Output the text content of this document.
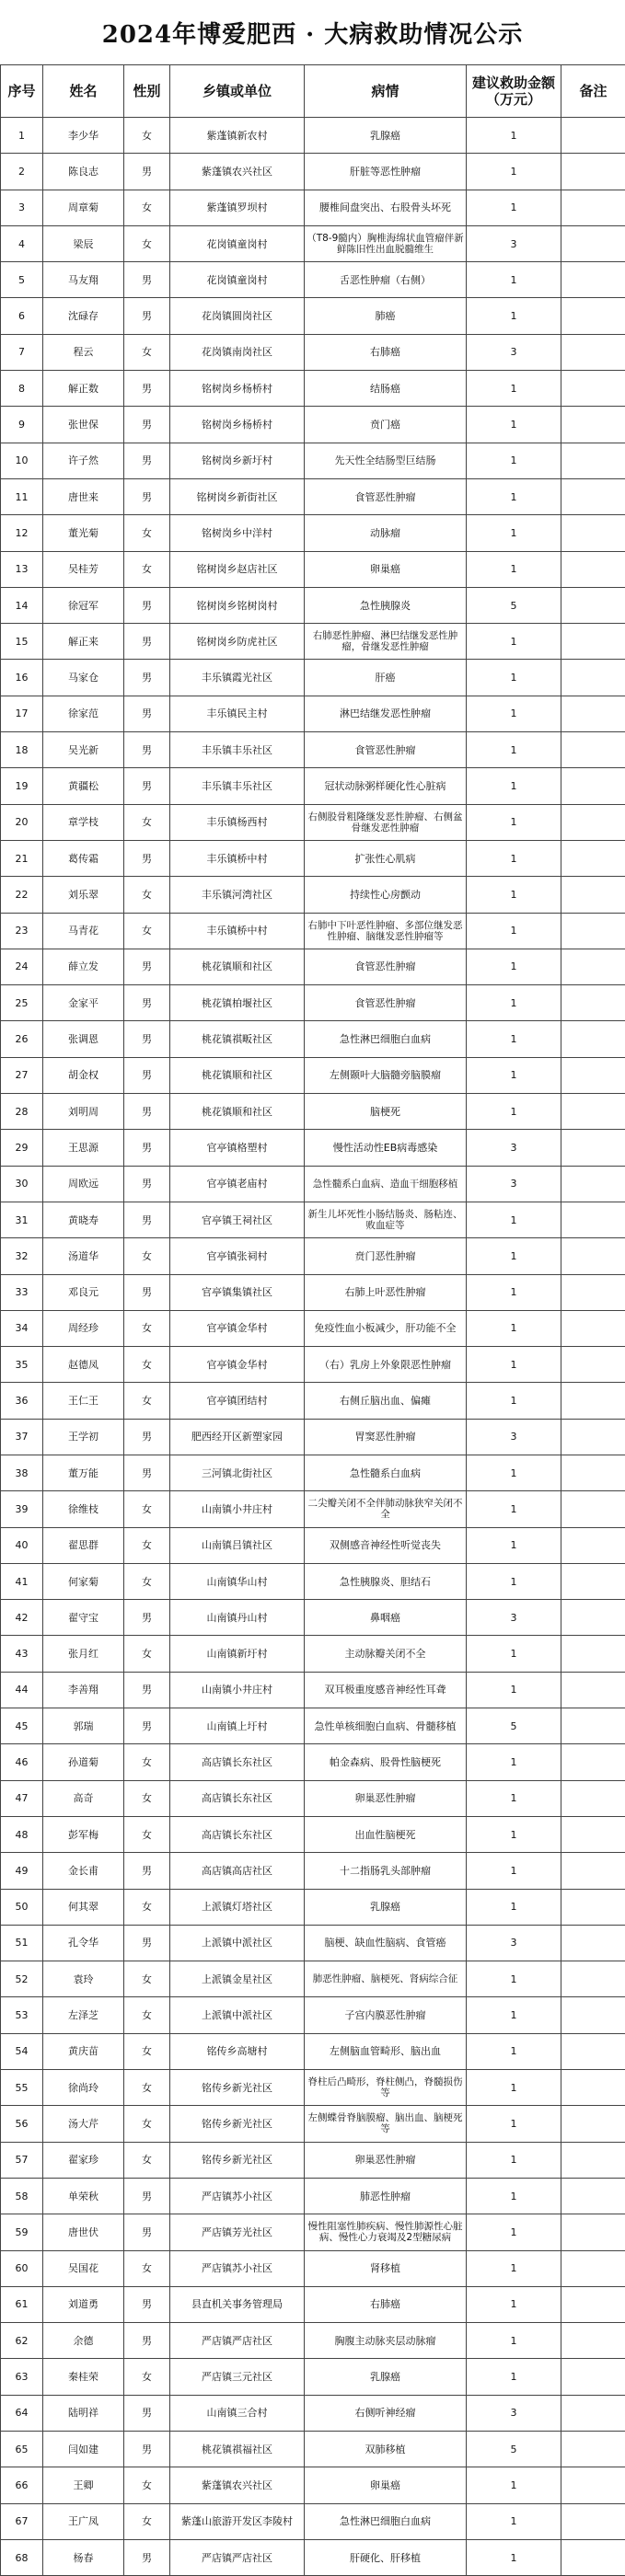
2024年博爱肥西 · 大病救助情况公示
序号	姓名	性别	乡镇或单位	病情	建议救助金额（万元）	备注
1	李少华	女	紫蓬镇新农村	乳腺癌	1	
2	陈良志	男	紫蓬镇农兴社区	肝脏等恶性肿瘤	1	
3	周章菊	女	紫蓬镇罗坝村	腰椎间盘突出、右股骨头坏死	1	
4	梁辰	女	花岗镇童岗村	（T8-9髓内）胸椎海绵状血管瘤伴新鲜陈旧性出血脱髓维生	3	
5	马友翔	男	花岗镇童岗村	舌恶性肿瘤（右侧）	1	
6	沈碌存	男	花岗镇圆岗社区	肺癌	1	
7	程云	女	花岗镇南岗社区	右肺癌	3	
8	解正数	男	铭树岗乡杨桥村	结肠癌	1	
9	张世保	男	铭树岗乡杨桥村	贲门癌	1	
10	许子然	男	铭树岗乡新圩村	先天性全结肠型巨结肠	1	
11	唐世来	男	铭树岗乡新街社区	食管恶性肿瘤	1	
12	董光菊	女	铭树岗乡中洋村	动脉瘤	1	
13	吴桂芳	女	铭树岗乡赵店社区	卵巢癌	1	
14	徐冠军	男	铭树岗乡铭树岗村	急性胰腺炎	5	
15	解正来	男	铭树岗乡防虎社区	右肺恶性肿瘤、淋巴结继发恶性肿瘤，骨继发恶性肿瘤	1	
16	马家仓	男	丰乐镇霞光社区	肝癌	1	
17	徐家范	男	丰乐镇民主村	淋巴结继发恶性肿瘤	1	
18	吴光新	男	丰乐镇丰乐社区	食管恶性肿瘤	1	
19	黄疆松	男	丰乐镇丰乐社区	冠状动脉粥样硬化性心脏病	1	
20	章学枝	女	丰乐镇杨西村	右侧股骨粗隆继发恶性肿瘤、右侧盆骨继发恶性肿瘤	1	
21	葛传霜	男	丰乐镇桥中村	扩张性心肌病	1	
22	刘乐翠	女	丰乐镇河湾社区	持续性心房颤动	1	
23	马青花	女	丰乐镇桥中村	右肺中下叶恶性肿瘤、多部位继发恶性肿瘤、脑继发恶性肿瘤等	1	
24	薛立发	男	桃花镇顺和社区	食管恶性肿瘤	1	
25	金家平	男	桃花镇柏堰社区	食管恶性肿瘤	1	
26	张调恩	男	桃花镇祺畈社区	急性淋巴细胞白血病	1	
27	胡金权	男	桃花镇顺和社区	左侧颞叶大脑髓旁脑膜瘤	1	
28	刘明周	男	桃花镇顺和社区	脑梗死	1	
29	王思源	男	官亭镇格塑村	慢性活动性EB病毒感染	3	
30	周欧远	男	官亭镇老庙村	急性髓系白血病、造血干细胞移植	3	
31	黄晓寿	男	官亭镇王祠社区	新生儿坏死性小肠结肠炎、肠粘连、败血症等	1	
32	汤道华	女	官亭镇张祠村	贲门恶性肿瘤	1	
33	邓良元	男	官亭镇集镇社区	右肺上叶恶性肿瘤	1	
34	周经珍	女	官亭镇金华村	免疫性血小板减少，肝功能不全	1	
35	赵德凤	女	官亭镇金华村	（右）乳房上外象限恶性肿瘤	1	
36	王仁王	女	官亭镇团结村	右侧丘脑出血、偏瘫	1	
37	王学初	男	肥西经开区新塑家园	胃窦恶性肿瘤	3	
38	董万能	男	三河镇北街社区	急性髓系白血病	1	
39	徐维枝	女	山南镇小井庄村	二尖瓣关闭不全伴肺动脉狭窄关闭不全	1	
40	翟思群	女	山南镇吕镇社区	双侧感音神经性听觉丧失	1	
41	何家菊	女	山南镇华山村	急性胰腺炎、胆结石	1	
42	翟守宝	男	山南镇丹山村	鼻咽癌	3	
43	张月红	女	山南镇新圩村	主动脉瓣关闭不全	1	
44	李善翔	男	山南镇小井庄村	双耳极重度感音神经性耳聋	1	
45	郭瑞	男	山南镇上圩村	急性单核细胞白血病、骨髓移植	5	
46	孙道菊	女	高店镇长东社区	帕金森病、股骨性脑梗死	1	
47	高奇	女	高店镇长东社区	卵巢恶性肿瘤	1	
48	彭军梅	女	高店镇长东社区	出血性脑梗死	1	
49	金长甫	男	高店镇高店社区	十二指肠乳头部肿瘤	1	
50	何其翠	女	上派镇灯塔社区	乳腺癌	1	
51	孔令华	男	上派镇中派社区	脑梗、缺血性脑病、食管癌	3	
52	袁玲	女	上派镇金星社区	肺恶性肿瘤、脑梗死、肾病综合征	1	
53	左泽芝	女	上派镇中派社区	子宫内膜恶性肿瘤	1	
54	黄庆苗	女	铭传乡高塘村	左侧脑血管畸形、脑出血	1	
55	徐尚玲	女	铭传乡新光社区	脊柱后凸畸形，脊柱侧凸，脊髓损伤等	1	
56	汤大芹	女	铭传乡新光社区	左侧蝶骨脊脑膜瘤、脑出血、脑梗死等	1	
57	翟家珍	女	铭传乡新光社区	卵巢恶性肿瘤	1	
58	单荣秋	男	严店镇苏小社区	肺恶性肿瘤	1	
59	唐世伏	男	严店镇芳光社区	慢性阻塞性肺疾病、慢性肺源性心脏病、慢性心力衰竭及2型糖尿病	1	
60	吴国花	女	严店镇苏小社区	肾移植	1	
61	刘道勇	男	县直机关事务管理局	右肺癌	1	
62	余德	男	严店镇严店社区	胸腹主动脉夹层动脉瘤	1	
63	秦桂荣	女	严店镇三元社区	乳腺癌	1	
64	陆明祥	男	山南镇三合村	右侧听神经瘤	3	
65	闫如建	男	桃花镇祺福社区	双肺移植	5	
66	王卿	女	紫蓬镇农兴社区	卵巢癌	1	
67	王广凤	女	紫蓬山旅游开发区李陵村	急性淋巴细胞白血病	1	
68	杨春	男	严店镇严店社区	肝硬化、肝移植	1	
